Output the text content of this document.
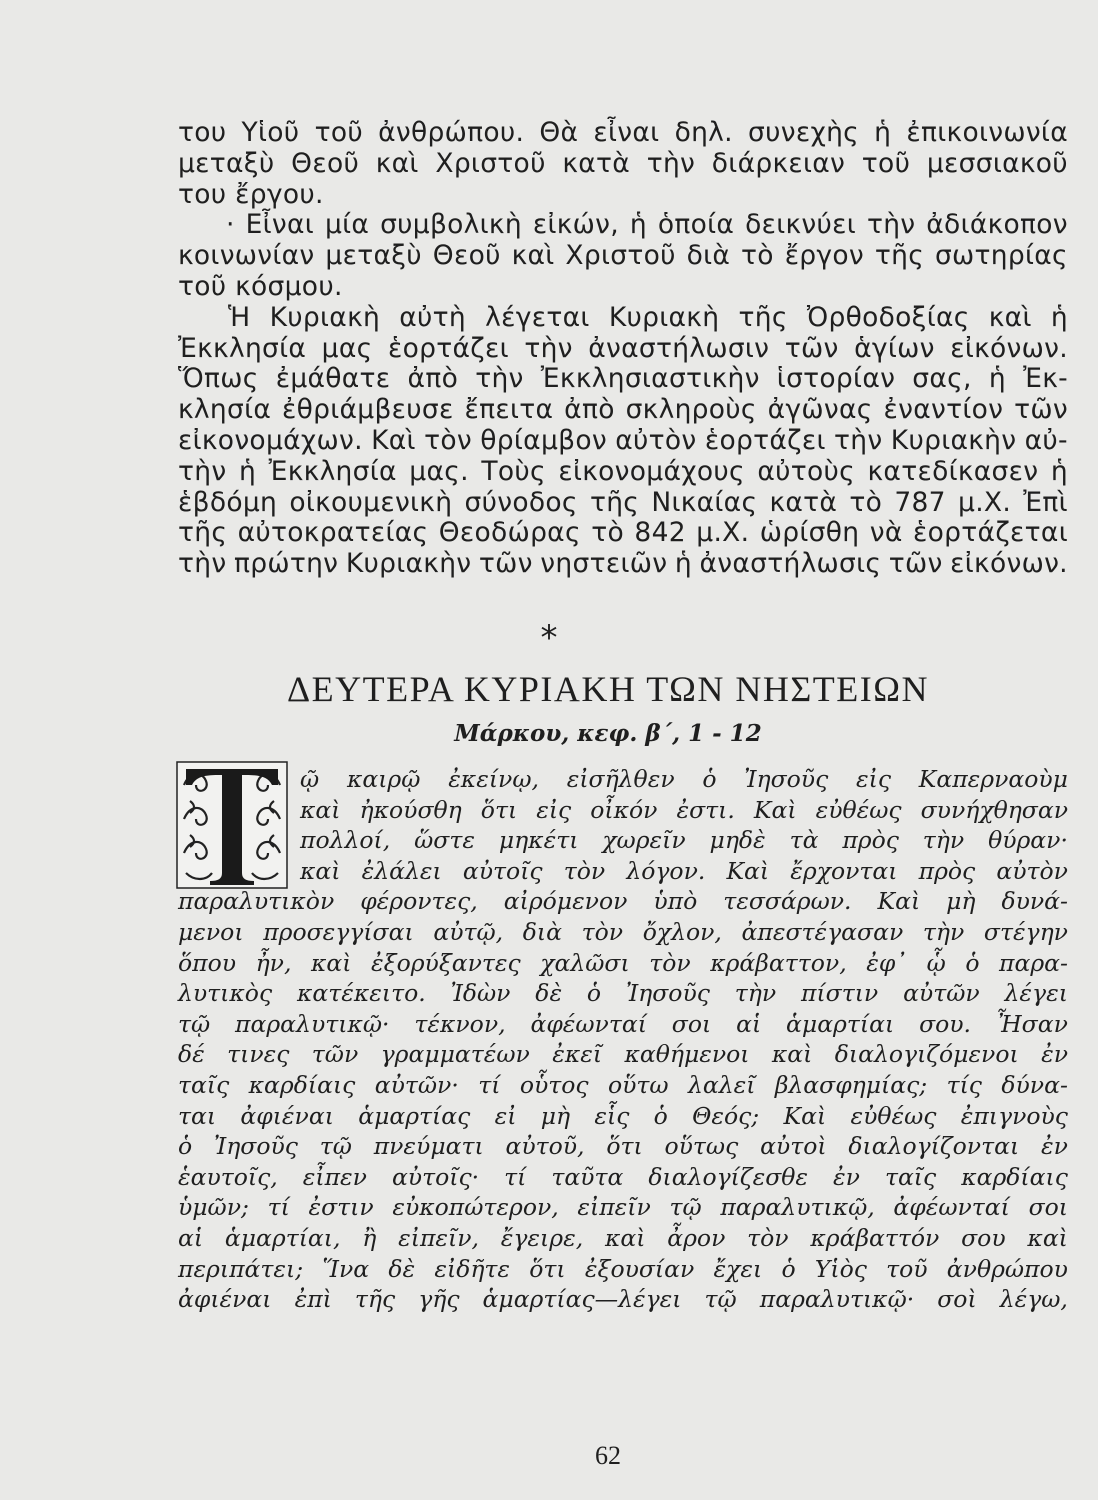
του Υἱοῦ τοῦ ἀνθρώπου. Θὰ εἶναι δηλ. συνεχὴς ἡ ἐπικοινωνία
μεταξὺ Θεοῦ καὶ Χριστοῦ κατὰ τὴν διάρκειαν τοῦ μεσσιακοῦ
του ἔργου.
· Εἶναι μία συμβολικὴ εἰκών, ἡ ὁποία δεικνύει τὴν ἀδιάκοπον
κοινωνίαν μεταξὺ Θεοῦ καὶ Χριστοῦ διὰ τὸ ἔργον τῆς σωτηρίας
τοῦ κόσμου.
Ἡ Κυριακὴ αὐτὴ λέγεται Κυριακὴ τῆς Ὀρθοδοξίας καὶ ἡ
Ἐκκλησία μας ἑορτάζει τὴν ἀναστήλωσιν τῶν ἁγίων εἰκόνων.
Ὅπως ἐμάθατε ἀπὸ τὴν Ἐκκλησιαστικὴν ἱστορίαν σας, ἡ Ἐκ-
κλησία ἐθριάμβευσε ἔπειτα ἀπὸ σκληροὺς ἀγῶνας ἐναντίον τῶν
εἰκονομάχων. Καὶ τὸν θρίαμβον αὐτὸν ἑορτάζει τὴν Κυριακὴν αὐ-
τὴν ἡ Ἐκκλησία μας. Τοὺς εἰκονομάχους αὐτοὺς κατεδίκασεν ἡ
ἑβδόμη οἰκουμενικὴ σύνοδος τῆς Νικαίας κατὰ τὸ 787 μ.Χ. Ἐπὶ
τῆς αὐτοκρατείας Θεοδώρας τὸ 842 μ.Χ. ὡρίσθη νὰ ἑορτάζεται
τὴν πρώτην Κυριακὴν τῶν νηστειῶν ἡ ἀναστήλωσις τῶν εἰκόνων.
*
ΔΕΥΤΕΡΑ ΚΥΡΙΑΚΗ ΤΩΝ ΝΗΣΤΕΙΩΝ
Μάρκου, κεφ. β΄, 1 - 12
ῷ καιρῷ ἐκείνῳ, εἰσῆλθεν ὁ Ἰησοῦς εἰς Καπερναοὺμ
καὶ ἠκούσθη ὅτι εἰς οἶκόν ἐστι. Καὶ εὐθέως συνήχθησαν
πολλοί, ὥστε μηκέτι χωρεῖν μηδὲ τὰ πρὸς τὴν θύραν·
καὶ ἐλάλει αὐτοῖς τὸν λόγον. Καὶ ἔρχονται πρὸς αὐτὸν
παραλυτικὸν φέροντες, αἰρόμενον ὑπὸ τεσσάρων. Καὶ μὴ δυνά-
μενοι προσεγγίσαι αὐτῷ, διὰ τὸν ὄχλον, ἀπεστέγασαν τὴν στέγην
ὅπου ἦν, καὶ ἐξορύξαντες χαλῶσι τὸν κράβαττον, ἐφ᾿ ᾧ ὁ παρα-
λυτικὸς κατέκειτο. Ἰδὼν δὲ ὁ Ἰησοῦς τὴν πίστιν αὐτῶν λέγει
τῷ παραλυτικῷ· τέκνον, ἀφέωνταί σοι αἱ ἁμαρτίαι σου. Ἦσαν
δέ τινες τῶν γραμματέων ἐκεῖ καθήμενοι καὶ διαλογιζόμενοι ἐν
ταῖς καρδίαις αὐτῶν· τί οὗτος οὕτω λαλεῖ βλασφημίας; τίς δύνα-
ται ἀφιέναι ἁμαρτίας εἰ μὴ εἷς ὁ Θεός; Καὶ εὐθέως ἐπιγνοὺς
ὁ Ἰησοῦς τῷ πνεύματι αὐτοῦ, ὅτι οὕτως αὐτοὶ διαλογίζονται ἐν
ἑαυτοῖς, εἶπεν αὐτοῖς· τί ταῦτα διαλογίζεσθε ἐν ταῖς καρδίαις
ὑμῶν; τί ἐστιν εὐκοπώτερον, εἰπεῖν τῷ παραλυτικῷ, ἀφέωνταί σοι
αἱ ἁμαρτίαι, ἢ εἰπεῖν, ἔγειρε, καὶ ἆρον τὸν κράβαττόν σου καὶ
περιπάτει; Ἵνα δὲ εἰδῆτε ὅτι ἐξουσίαν ἔχει ὁ Υἱὸς τοῦ ἀνθρώπου
ἀφιέναι ἐπὶ τῆς γῆς ἁμαρτίας—λέγει τῷ παραλυτικῷ· σοὶ λέγω,
62
